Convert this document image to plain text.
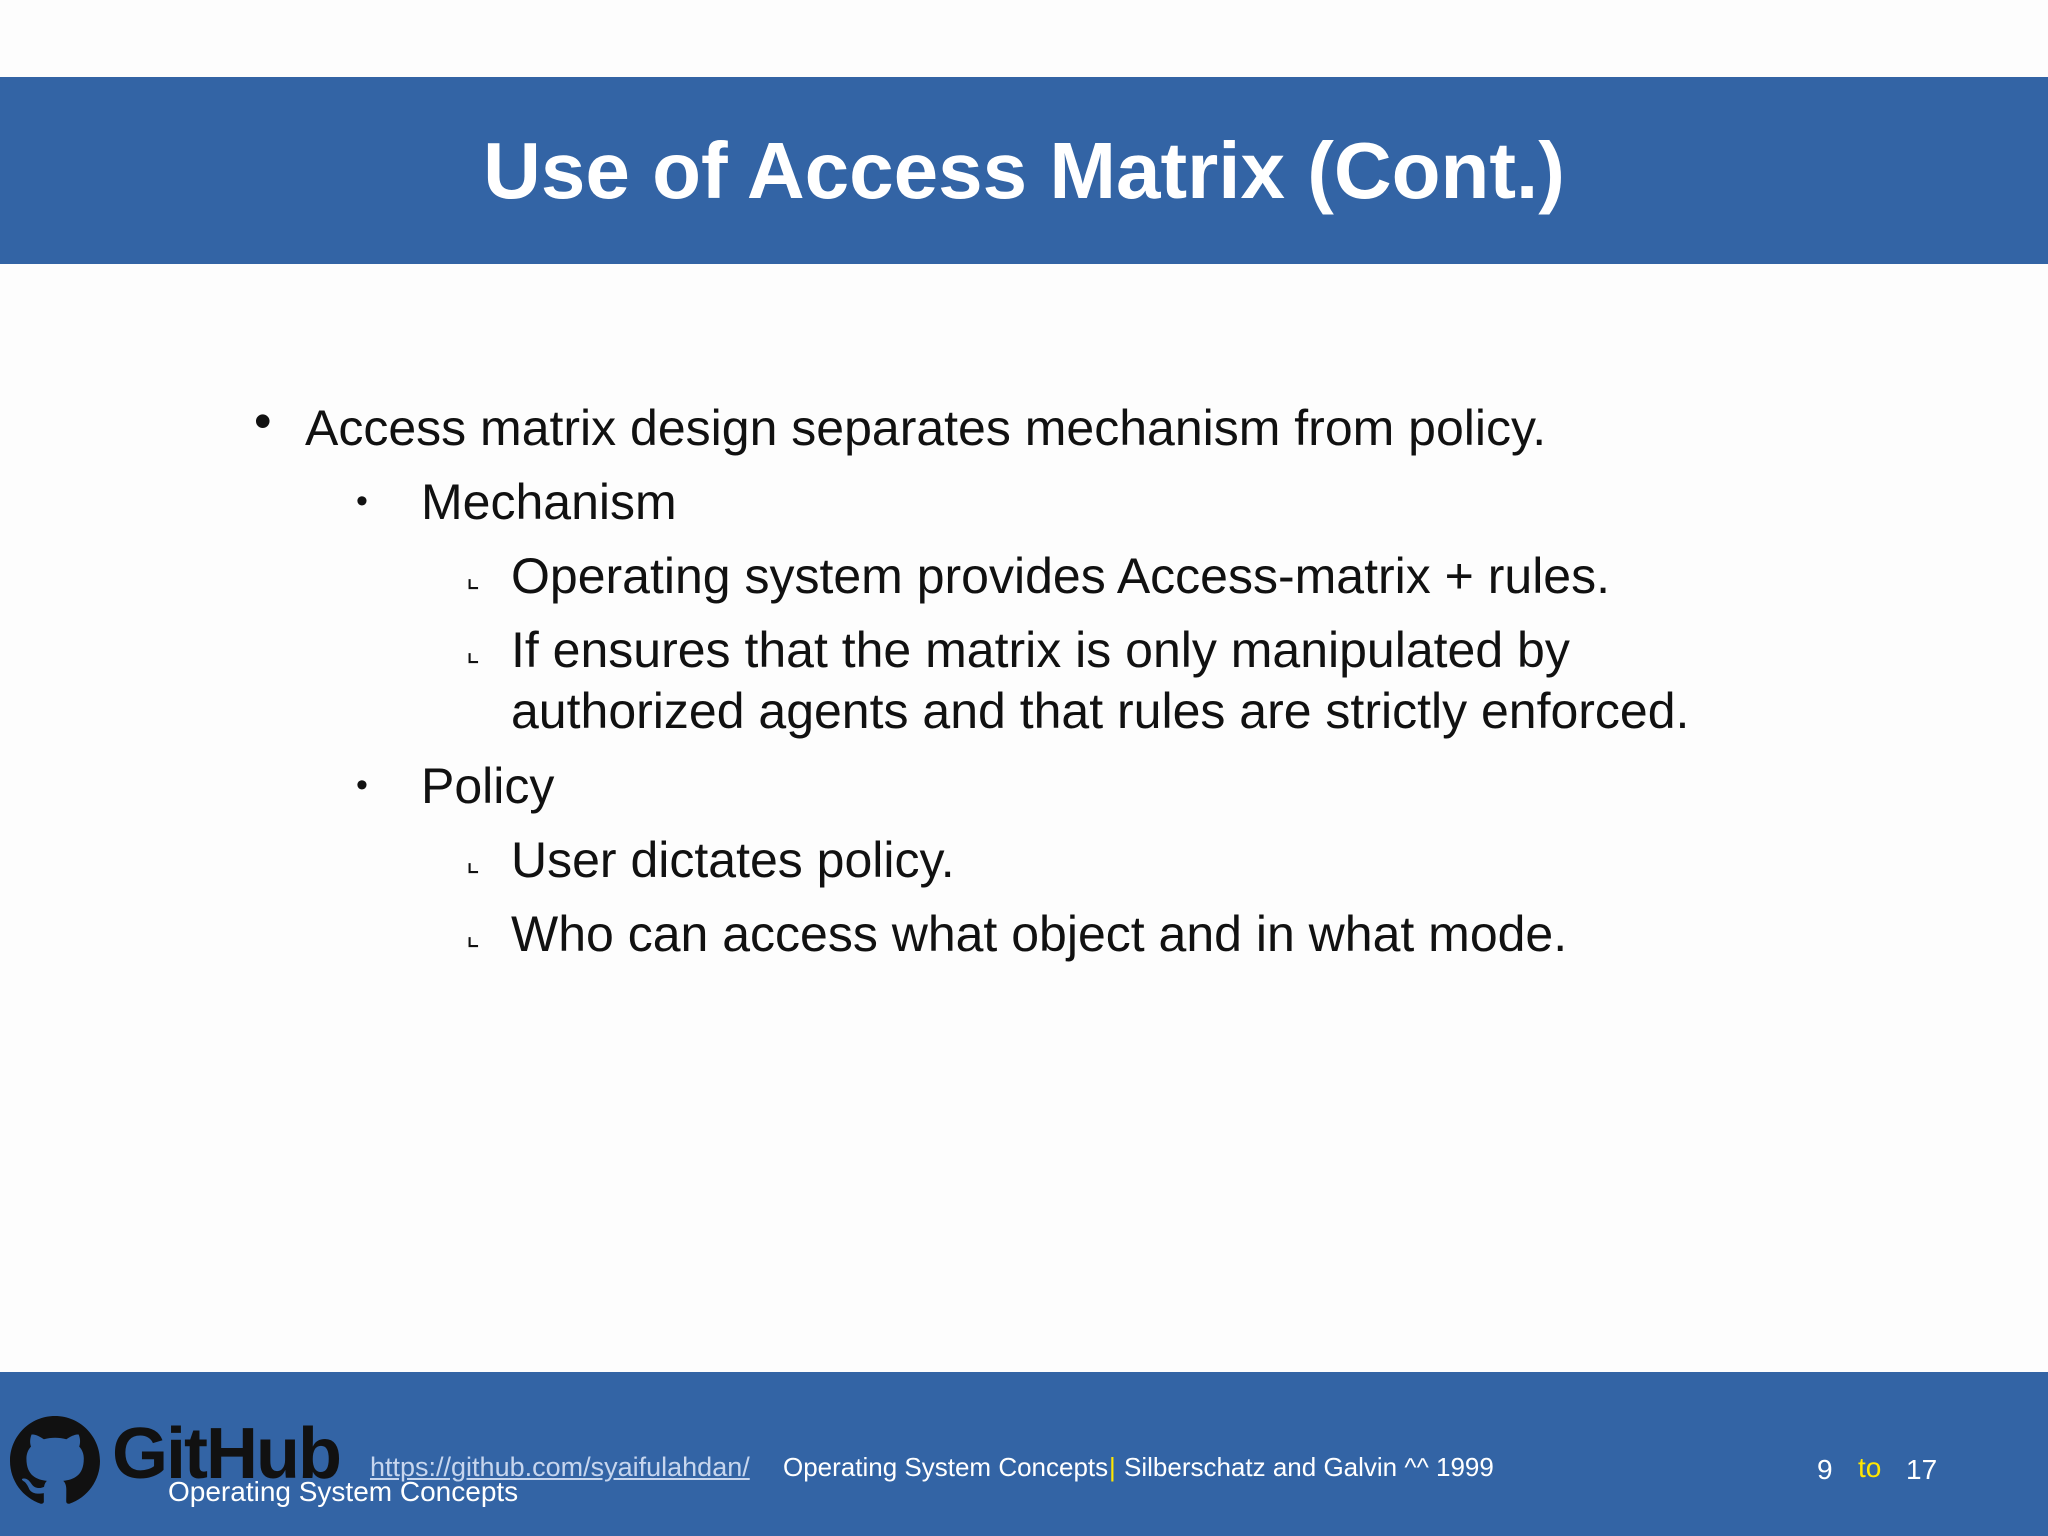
Use of Access Matrix (Cont.)
• Access matrix design separates mechanism from policy.
• Mechanism
⌞ Operating system provides Access-matrix + rules.
⌞ If ensures that the matrix is only manipulated by
authorized agents and that rules are strictly enforced.
• Policy
⌞ User dictates policy.
⌞ Who can access what object and in what mode.
GitHub https://github.com/syaifulahdan/ Operating System Concepts | Silberschatz and Galvin ^^ 1999
Operating System Concepts
9 to 17
